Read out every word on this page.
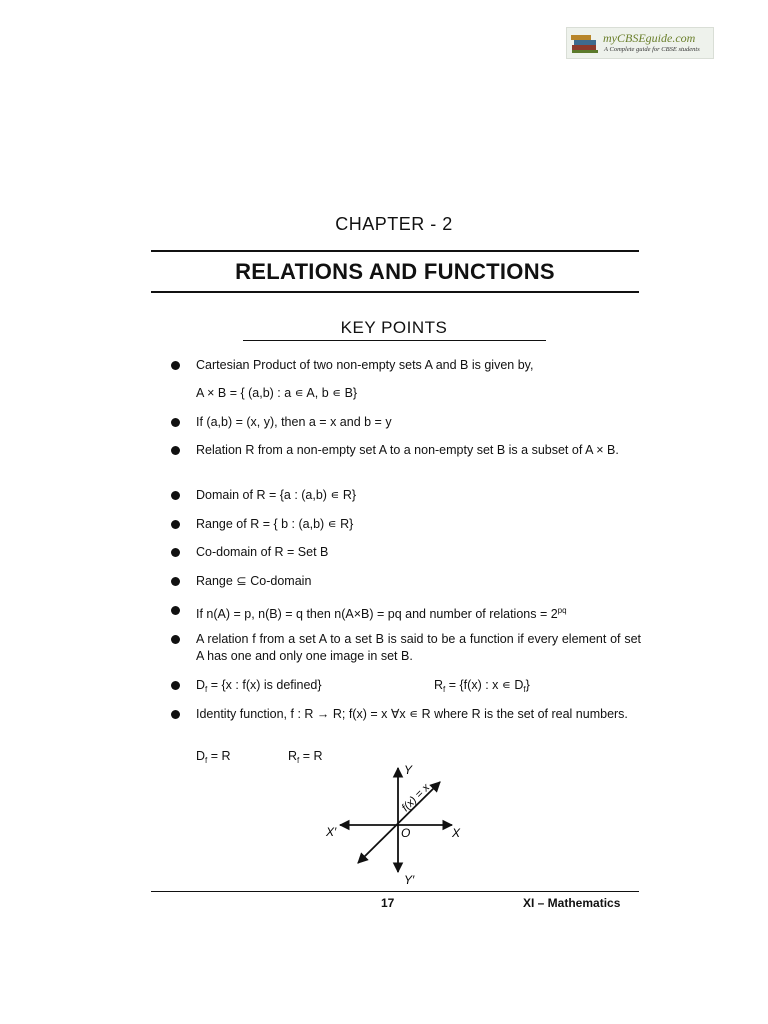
myCBSEguide.com
A Complete guide for CBSE students
CHAPTER - 2
RELATIONS AND FUNCTIONS
KEY POINTS
Cartesian Product of two non-empty sets A and B is given by,
A × B = { (a,b) : a ∊ A, b ∊ B}
If (a,b) = (x, y), then a = x and b = y
Relation R from a non-empty set A to a non-empty set B is a subset of A × B.
Domain of R = {a : (a,b) ∊ R}
Range of R = { b : (a,b) ∊ R}
Co-domain of R = Set B
Range ⊆ Co-domain
If n(A) = p, n(B) = q then n(A×B) = pq and number of relations = $2^{pq}$
A relation f from a set A to a set B is said to be a function if every element of set A has one and only one image in set B.
$D_f = \{x$ : f(x) is defined}	$R_f = \{f(x)$ : x ∊ $D_f$}
Identity function, f : R → R; f(x) = x ∀x ∊ R where R is the set of real numbers.
$D_f = R$	$R_f = R$
Y
Y′
X
X′	O
f(x) = x
17	XI – Mathematics
